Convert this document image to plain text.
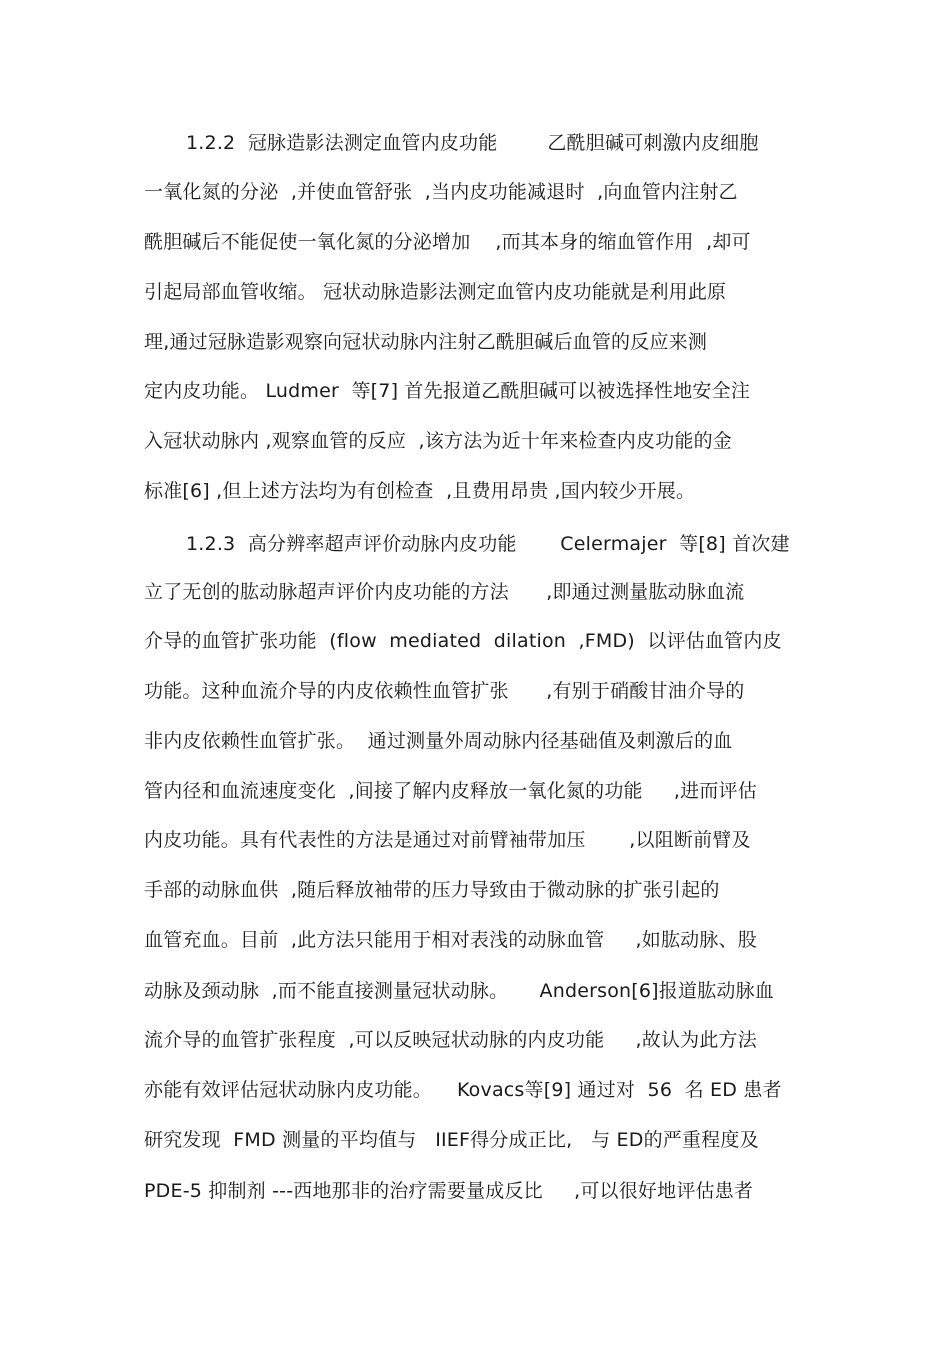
1.2.2  冠脉造影法测定血管内皮功能        乙酰胆碱可刺激内皮细胞
一氧化氮的分泌  ,并使血管舒张  ,当内皮功能减退时  ,向血管内注射乙
酰胆碱后不能促使一氧化氮的分泌增加    ,而其本身的缩血管作用  ,却可
引起局部血管收缩。 冠状动脉造影法测定血管内皮功能就是利用此原
理,通过冠脉造影观察向冠状动脉内注射乙酰胆碱后血管的反应来测
定内皮功能。 Ludmer  等[7] 首先报道乙酰胆碱可以被选择性地安全注
入冠状动脉内 ,观察血管的反应  ,该方法为近十年来检查内皮功能的金
标准[6] ,但上述方法均为有创检查  ,且费用昂贵 ,国内较少开展。
1.2.3  高分辨率超声评价动脉内皮功能       Celermajer  等[8] 首次建
立了无创的肱动脉超声评价内皮功能的方法      ,即通过测量肱动脉血流
介导的血管扩张功能  (flow  mediated  dilation  ,FMD)  以评估血管内皮
功能。这种血流介导的内皮依赖性血管扩张      ,有别于硝酸甘油介导的
非内皮依赖性血管扩张。  通过测量外周动脉内径基础值及刺激后的血
管内径和血流速度变化  ,间接了解内皮释放一氧化氮的功能     ,进而评估
内皮功能。具有代表性的方法是通过对前臂袖带加压       ,以阻断前臂及
手部的动脉血供  ,随后释放袖带的压力导致由于微动脉的扩张引起的
血管充血。目前  ,此方法只能用于相对表浅的动脉血管     ,如肱动脉、股
动脉及颈动脉  ,而不能直接测量冠状动脉。     Anderson[6]报道肱动脉血
流介导的血管扩张程度  ,可以反映冠状动脉的内皮功能     ,故认为此方法
亦能有效评估冠状动脉内皮功能。    Kovacs等[9] 通过对  56  名 ED 患者
研究发现  FMD 测量的平均值与   IIEF得分成正比,   与 ED的严重程度及
PDE-5 抑制剂 ---西地那非的治疗需要量成反比     ,可以很好地评估患者
